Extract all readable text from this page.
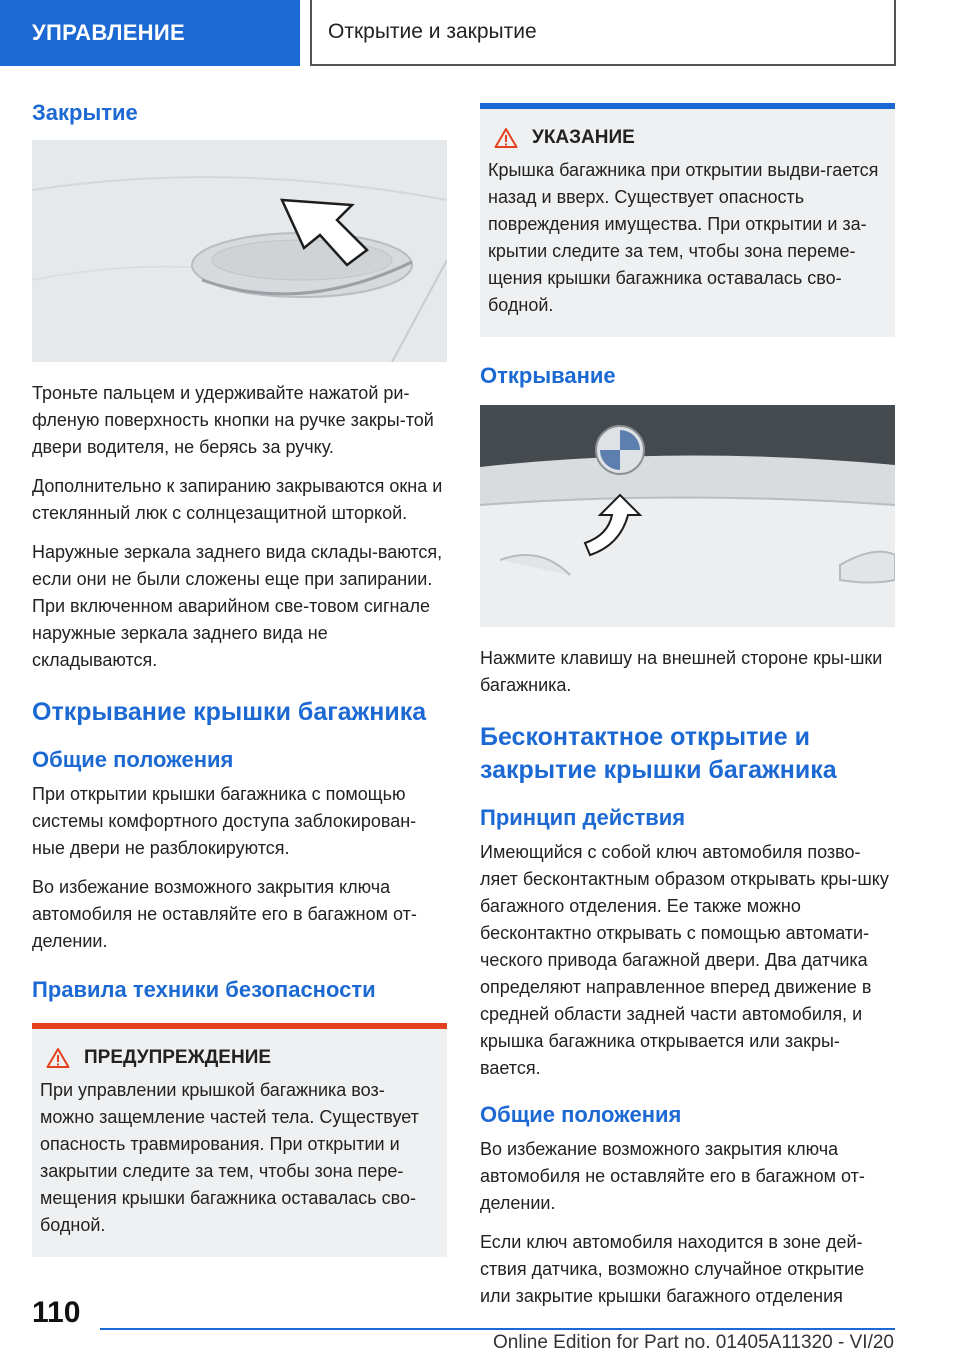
УПРАВЛЕНИЕ	Открытие и закрытие
Закрытие

Троньте пальцем и удерживайте нажатой ри-фленую поверхность кнопки на ручке закры-той двери водителя, не берясь за ручку.

Дополнительно к запиранию закрываются окна и стеклянный люк с солнцезащитной шторкой.

Наружные зеркала заднего вида склады-ваются, если они не были сложены еще при запирании. При включенном аварийном све-товом сигнале наружные зеркала заднего вида не складываются.

Открывание крышки багажника
Общие положения

При открытии крышки багажника с помощью системы комфортного доступа заблокирован-ные двери не разблокируются.

Во избежание возможного закрытия ключа автомобиля не оставляйте его в багажном от-делении.

Правила техники безопасности
ПРЕДУПРЕЖДЕНИЕ

При управлении крышкой багажника воз-можно защемление частей тела. Существует опасность травмирования. При открытии и закрытии следите за тем, чтобы зона пере-мещения крышки багажника оставалась сво-бодной.

УКАЗАНИЕ

Крышка багажника при открытии выдви-гается назад и вверх. Существует опасность повреждения имущества. При открытии и за-крытии следите за тем, чтобы зона переме-щения крышки багажника оставалась сво-бодной.

Открывание

Нажмите клавишу на внешней стороне кры-шки багажника.

Бесконтактное открытие и закрытие крышки багажника
Принцип действия

Имеющийся с собой ключ автомобиля позво-ляет бесконтактным образом открывать кры-шку багажного отделения. Ее также можно бесконтактно открывать с помощью автомати-ческого привода багажной двери. Два датчика определяют направленное вперед движение в средней области задней части автомобиля, и крышка багажника открывается или закры-вается.

Общие положения

Во избежание возможного закрытия ключа автомобиля не оставляйте его в багажном от-делении.

Если ключ автомобиля находится в зоне дей-ствия датчика, возможно случайное открытие или закрытие крышки багажного отделения

110
Online Edition for Part no. 01405A11320 - VI/20
